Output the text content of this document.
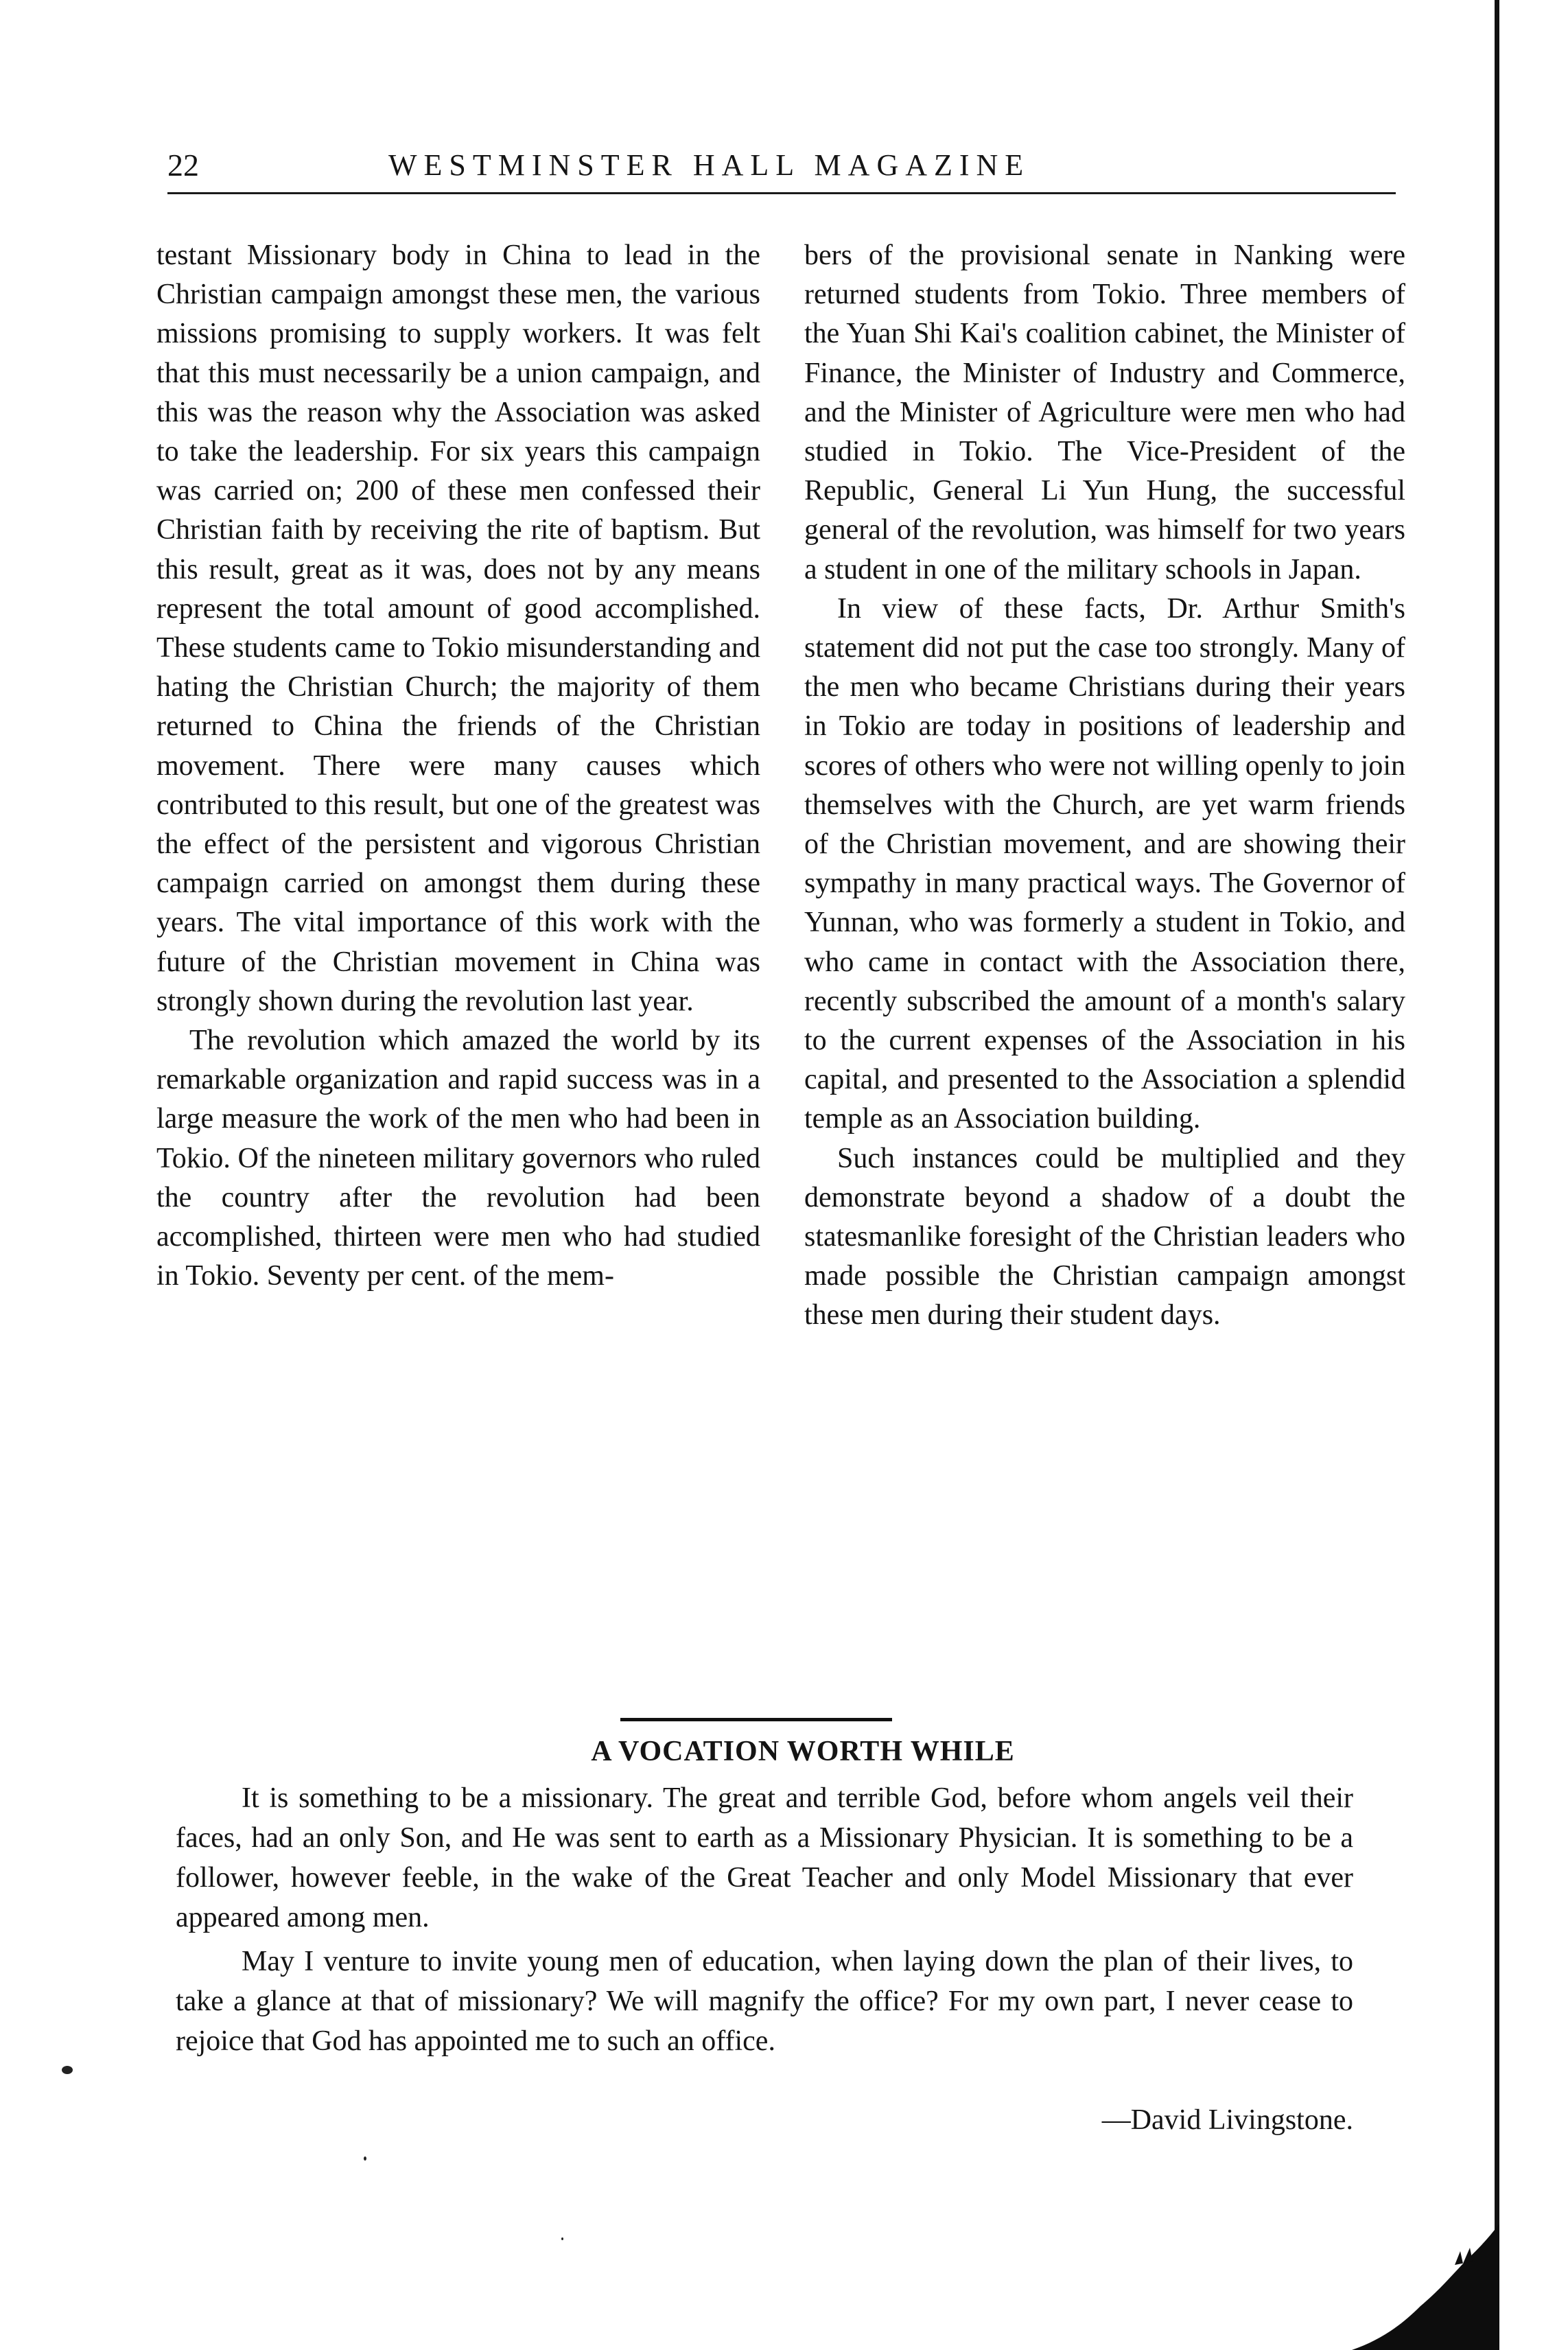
22	WESTMINSTER HALL MAGAZINE

testant Missionary body in China to lead in the Christian campaign amongst these men, the various missions promising to supply workers. It was felt that this must necessarily be a union campaign, and this was the reason why the Association was asked to take the leadership. For six years this campaign was carried on; 200 of these men confessed their Christian faith by receiving the rite of baptism. But this result, great as it was, does not by any means represent the total amount of good accomplished. These students came to Tokio misunderstanding and hating the Christian Church; the majority of them returned to China the friends of the Christian movement. There were many causes which contributed to this result, but one of the greatest was the effect of the persistent and vigorous Christian campaign carried on amongst them during these years. The vital importance of this work with the future of the Christian movement in China was strongly shown during the revolution last year.

The revolution which amazed the world by its remarkable organization and rapid success was in a large measure the work of the men who had been in Tokio. Of the nineteen military governors who ruled the country after the revolution had been accomplished, thirteen were men who had studied in Tokio. Seventy per cent. of the mem-

bers of the provisional senate in Nanking were returned students from Tokio. Three members of the Yuan Shi Kai's coalition cabinet, the Minister of Finance, the Minister of Industry and Commerce, and the Minister of Agriculture were men who had studied in Tokio. The Vice-President of the Republic, General Li Yun Hung, the successful general of the revolution, was himself for two years a student in one of the military schools in Japan.

In view of these facts, Dr. Arthur Smith's statement did not put the case too strongly. Many of the men who became Christians during their years in Tokio are today in positions of leadership and scores of others who were not willing openly to join themselves with the Church, are yet warm friends of the Christian movement, and are showing their sympathy in many practical ways. The Governor of Yunnan, who was formerly a student in Tokio, and who came in contact with the Association there, recently subscribed the amount of a month's salary to the current expenses of the Association in his capital, and presented to the Association a splendid temple as an Association building.

Such instances could be multiplied and they demonstrate beyond a shadow of a doubt the statesmanlike foresight of the Christian leaders who made possible the Christian campaign amongst these men during their student days.

A VOCATION WORTH WHILE

It is something to be a missionary. The great and terrible God, before whom angels veil their faces, had an only Son, and He was sent to earth as a Missionary Physician. It is something to be a follower, however feeble, in the wake of the Great Teacher and only Model Missionary that ever appeared among men.

May I venture to invite young men of education, when laying down the plan of their lives, to take a glance at that of missionary? We will magnify the office? For my own part, I never cease to rejoice that God has appointed me to such an office.

—David Livingstone.
